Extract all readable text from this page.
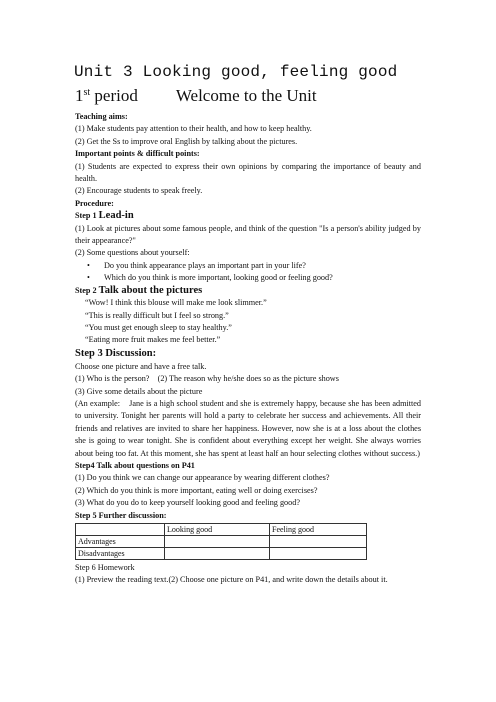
Unit 3 Looking good, feeling good
1st period Welcome to the Unit

Teaching aims:

(1) Make students pay attention to their health, and how to keep healthy.

(2) Get the Ss to improve oral English by talking about the pictures.

Important points & difficult points:

(1) Students are expected to express their own opinions by comparing the importance of beauty and health.

(2) Encourage students to speak freely.

Procedure:

Step 1 Lead-in

(1) Look at pictures about some famous people, and think of the question "Is a person's ability judged by their appearance?"

(2) Some questions about yourself:

• Do you think appearance plays an important part in your life?
• Which do you think is more important, looking good or feeling good?

Step 2 Talk about the pictures

“Wow! I think this blouse will make me look slimmer.”

“This is really difficult but I feel so strong.”

“You must get enough sleep to stay healthy.”

“Eating more fruit makes me feel better.”

Step 3 Discussion:

Choose one picture and have a free talk.

(1) Who is the person?    (2) The reason why he/she does so as the picture shows

(3) Give some details about the picture

(An example:    Jane is a high school student and she is extremely happy, because she has been admitted to university. Tonight her parents will hold a party to celebrate her success and achievements. All their friends and relatives are invited to share her happiness. However, now she is at a loss about the clothes she is going to wear tonight. She is confident about everything except her weight. She always worries about being too fat. At this moment, she has spent at least half an hour selecting clothes without success.)

Step4 Talk about questions on P41

(1) Do you think we can change our appearance by wearing different clothes?

(2) Which do you think is more important, eating well or doing exercises?

(3) What do you do to keep yourself looking good and feeling good?

Step 5 Further discussion:

	Looking good	Feeling good
Advantages		
Disadvantages		

Step 6 Homework

(1) Preview the reading text.(2) Choose one picture on P41, and write down the details about it.
